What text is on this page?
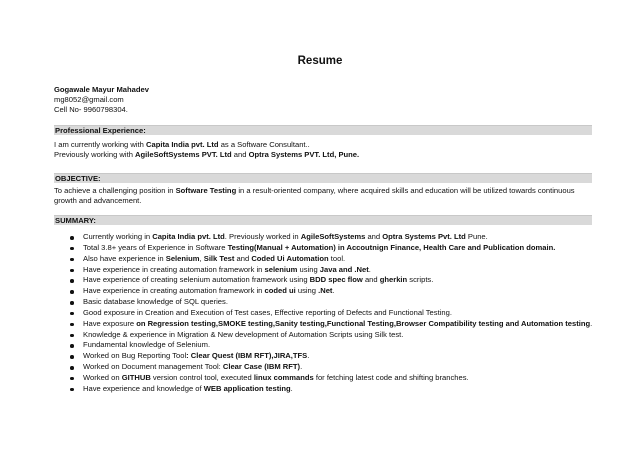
Resume
Gogawale Mayur Mahadev
mg8052@gmail.com
Cell No- 9960798304.
Professional Experience:
I am currently working with Capita India pvt. Ltd as a Software Consultant..
Previously working with AgileSoftSystems PVT. Ltd and Optra Systems PVT. Ltd, Pune.
OBJECTIVE:
To achieve a challenging position in Software Testing in a result-oriented company, where acquired skills and education will be utilized towards continuous
growth and advancement.
SUMMARY:
Currently working in Capita India pvt. Ltd. Previously worked in AgileSoftSystems and Optra Systems Pvt. Ltd Pune.
Total 3.8+ years of Experience in Software Testing(Manual + Automation) in Accoutnign Finance, Health Care and Publication domain.
Also have experience in Selenium, Silk Test and Coded Ui Automation tool.
Have experience in creating automation framework in selenium using Java and .Net.
Have experience of creating selenium automation framework using BDD spec flow and gherkin scripts.
Have experience in creating automation framework in coded ui using .Net.
Basic database knowledge of SQL queries.
Good exposure in Creation and Execution of Test cases, Effective reporting of Defects and Functional Testing.
Have exposure on Regression testing,SMOKE testing,Sanity testing,Functional Testing,Browser Compatibility testing and Automation testing.
Knowledge & experience in Migration & New development of Automation Scripts using Silk test.
Fundamental knowledge of Selenium.
Worked on Bug Reporting Tool: Clear Quest (IBM RFT),JIRA,TFS.
Worked on Document management Tool: Clear Case (IBM RFT).
Worked on GITHUB version control tool, executed linux commands for fetching latest code and shifting branches.
Have experience and knowledge of WEB application testing.
